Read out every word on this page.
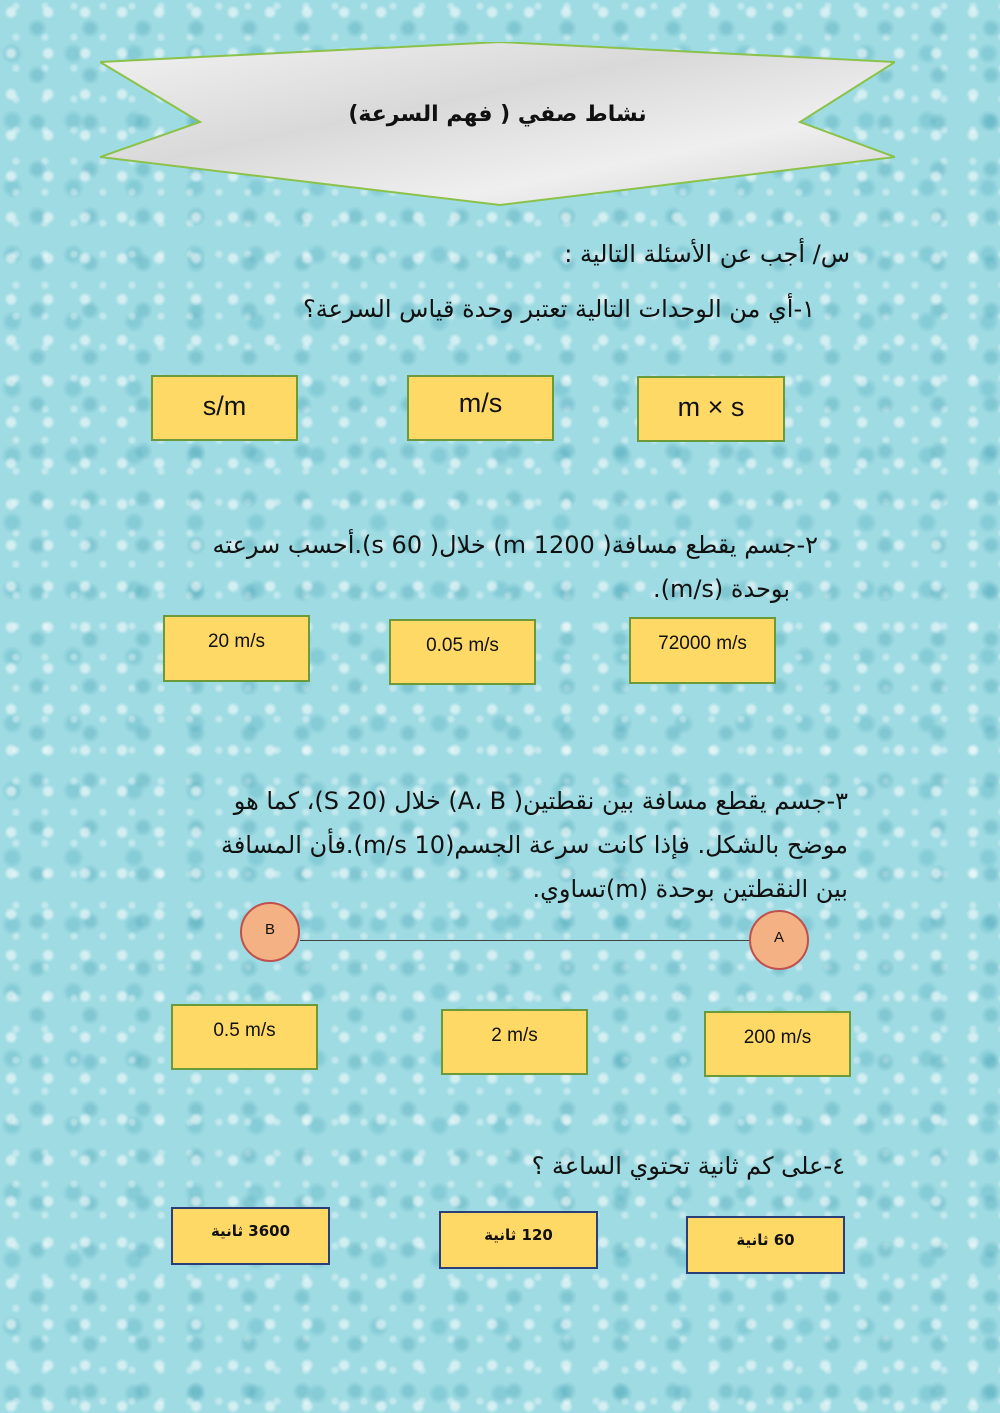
نشاط صفي ( فهم السرعة)
س/ أجب عن الأسئلة التالية :
١-أي من الوحدات التالية تعتبر وحدة قياس السرعة؟
m × s
m/s
s/m
٢-جسم يقطع مسافة( 1200 m) خلال( 60 s).أحسب سرعته
بوحدة (m/s).
72000 m/s
0.05 m/s
20 m/s
٣-جسم يقطع مسافة بين نقطتين( A، B) خلال (20 S)، كما هو
موضح بالشكل. فإذا كانت سرعة الجسم(10 m/s).فأن المسافة
بين النقطتين بوحدة (m)تساوي.
B	A
200 m/s
2 m/s
0.5 m/s
٤-على كم ثانية تحتوي الساعة ؟
60 ثانية
120 ثانية
3600 ثانية
